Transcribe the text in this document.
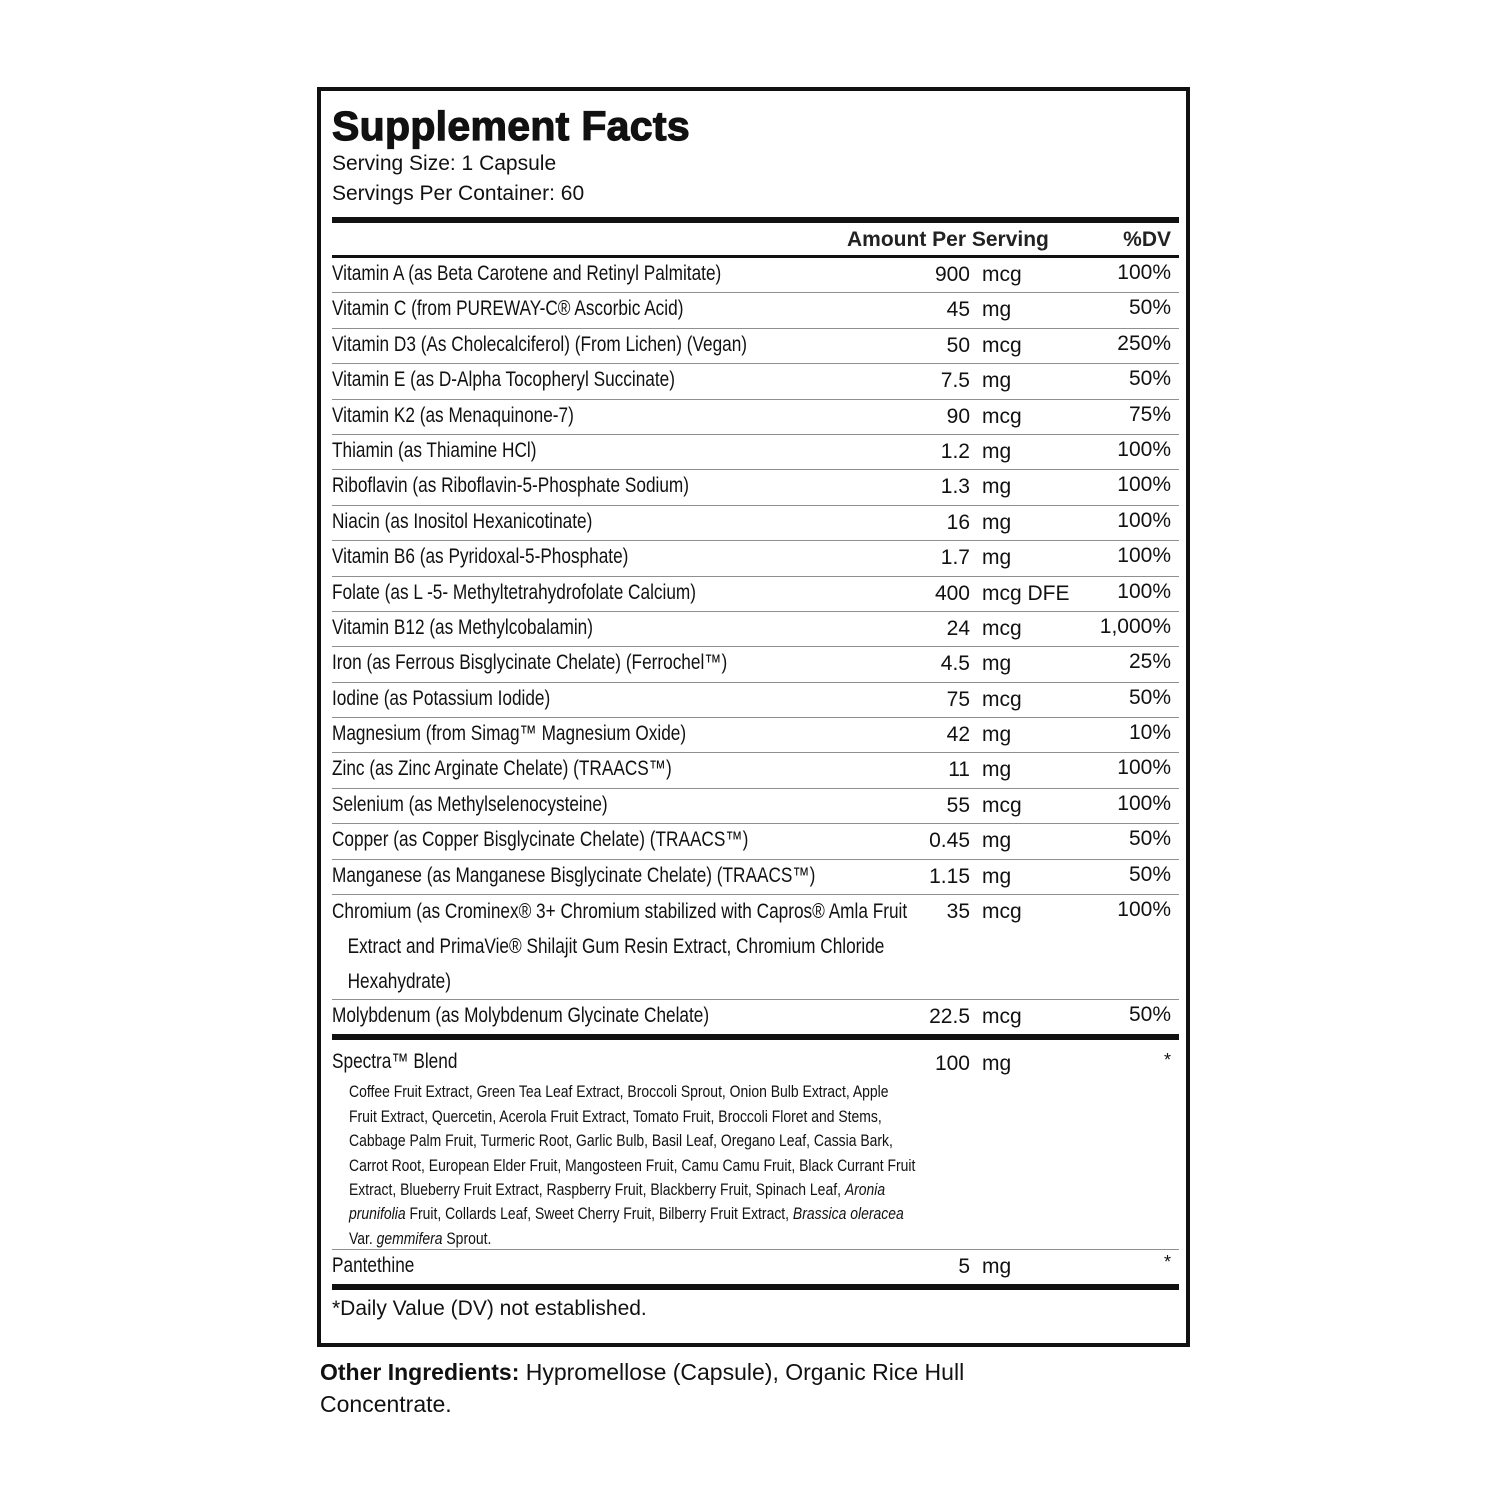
Supplement Facts
Serving Size: 1 Capsule
Servings Per Container: 60
Amount Per Serving	%DV
Vitamin A (as Beta Carotene and Retinyl Palmitate)	900 mcg	100%
Vitamin C (from PUREWAY-C® Ascorbic Acid)	45 mg	50%
Vitamin D3 (As Cholecalciferol) (From Lichen) (Vegan)	50 mcg	250%
Vitamin E (as D-Alpha Tocopheryl Succinate)	7.5 mg	50%
Vitamin K2 (as Menaquinone-7)	90 mcg	75%
Thiamin (as Thiamine HCl)	1.2 mg	100%
Riboflavin (as Riboflavin-5-Phosphate Sodium)	1.3 mg	100%
Niacin (as Inositol Hexanicotinate)	16 mg	100%
Vitamin B6 (as Pyridoxal-5-Phosphate)	1.7 mg	100%
Folate (as L -5- Methyltetrahydrofolate Calcium)	400 mcg DFE 100%
Vitamin B12 (as Methylcobalamin)	24 mcg	1,000%
Iron (as Ferrous Bisglycinate Chelate) (Ferrochel™)	4.5 mg	25%
Iodine (as Potassium Iodide)	75 mcg	50%
Magnesium (from Simag™ Magnesium Oxide)	42 mg	10%
Zinc (as Zinc Arginate Chelate) (TRAACS™)	11 mg	100%
Selenium (as Methylselenocysteine)	55 mcg	100%
Copper (as Copper Bisglycinate Chelate) (TRAACS™)	0.45 mg	50%
Manganese (as Manganese Bisglycinate Chelate) (TRAACS™)	1.15 mg	50%
Chromium (as Crominex® 3+ Chromium stabilized with Capros® Amla Fruit
Extract and PrimaVie® Shilajit Gum Resin Extract, Chromium Chloride
Hexahydrate)
35 mcg	100%
Molybdenum (as Molybdenum Glycinate Chelate)	22.5 mcg	50%
Spectra™ Blend	100 mg	*

Coffee Fruit Extract, Green Tea Leaf Extract, Broccoli Sprout, Onion Bulb Extract, Apple

Fruit Extract, Quercetin, Acerola Fruit Extract, Tomato Fruit, Broccoli Floret and Stems,

Cabbage Palm Fruit, Turmeric Root, Garlic Bulb, Basil Leaf, Oregano Leaf, Cassia Bark,

Carrot Root, European Elder Fruit, Mangosteen Fruit, Camu Camu Fruit, Black Currant Fruit

Extract, Blueberry Fruit Extract, Raspberry Fruit, Blackberry Fruit, Spinach Leaf, Aronia

prunifolia Fruit, Collards Leaf, Sweet Cherry Fruit, Bilberry Fruit Extract, Brassica oleracea

Var. gemmifera Sprout.

Pantethine	5 mg	*
*Daily Value (DV) not established.
Other Ingredients: Hypromellose (Capsule), Organic Rice Hull Concentrate.
